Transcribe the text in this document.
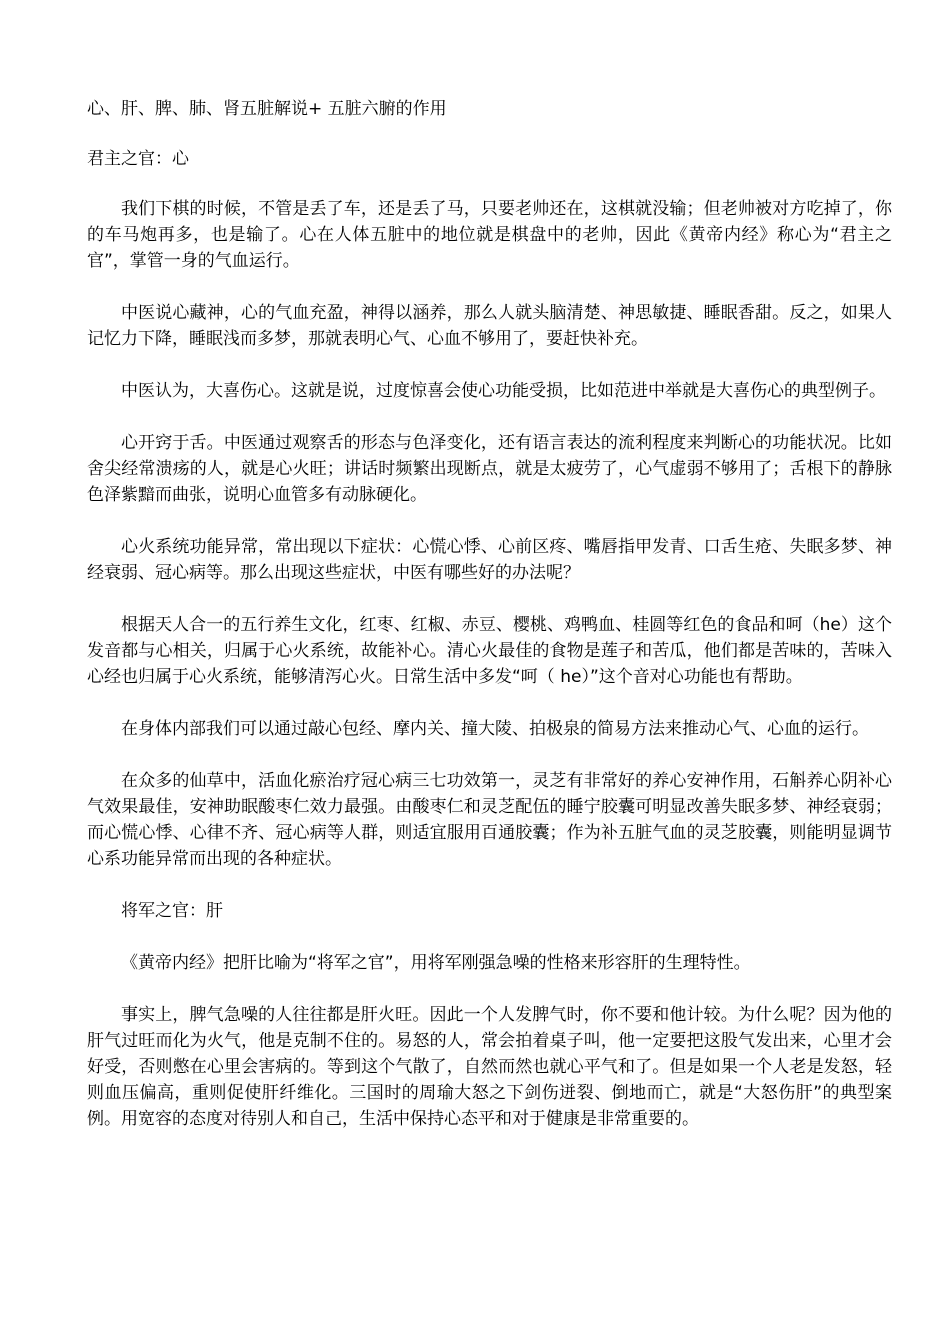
心、肝、脾、肺、肾五脏解说+ 五脏六腑的作用
君主之官：心

我们下棋的时候，不管是丢了车，还是丢了马，只要老帅还在，这棋就没输；但老帅被对方吃掉了，你的车马炮再多，也是输了。心在人体五脏中的地位就是棋盘中的老帅，因此《黄帝内经》称心为“君主之官”，掌管一身的气血运行。

中医说心藏神，心的气血充盈，神得以涵养，那么人就头脑清楚、神思敏捷、睡眠香甜。反之，如果人记忆力下降，睡眠浅而多梦，那就表明心气、心血不够用了，要赶快补充。

中医认为，大喜伤心。这就是说，过度惊喜会使心功能受损，比如范进中举就是大喜伤心的典型例子。

心开窍于舌。中医通过观察舌的形态与色泽变化，还有语言表达的流利程度来判断心的功能状况。比如舍尖经常溃疡的人，就是心火旺；讲话时频繁出现断点，就是太疲劳了，心气虚弱不够用了；舌根下的静脉色泽紫黯而曲张，说明心血管多有动脉硬化。

心火系统功能异常，常出现以下症状：心慌心悸、心前区疼、嘴唇指甲发青、口舌生疮、失眠多梦、神经衰弱、冠心病等。那么出现这些症状，中医有哪些好的办法呢？

根据天人合一的五行养生文化，红枣、红椒、赤豆、樱桃、鸡鸭血、桂圆等红色的食品和呵（he）这个发音都与心相关，归属于心火系统，故能补心。清心火最佳的食物是莲子和苦瓜，他们都是苦味的，苦味入心经也归属于心火系统，能够清泻心火。日常生活中多发“呵（ he）”这个音对心功能也有帮助。

在身体内部我们可以通过敲心包经、摩内关、撞大陵、拍极泉的简易方法来推动心气、心血的运行。

在众多的仙草中，活血化瘀治疗冠心病三七功效第一，灵芝有非常好的养心安神作用，石斛养心阴补心气效果最佳，安神助眠酸枣仁效力最强。由酸枣仁和灵芝配伍的睡宁胶囊可明显改善失眠多梦、神经衰弱；而心慌心悸、心律不齐、冠心病等人群，则适宜服用百通胶囊；作为补五脏气血的灵芝胶囊，则能明显调节心系功能异常而出现的各种症状。

将军之官：肝

《黄帝内经》把肝比喻为“将军之官”，用将军刚强急噪的性格来形容肝的生理特性。

事实上，脾气急噪的人往往都是肝火旺。因此一个人发脾气时，你不要和他计较。为什么呢？因为他的肝气过旺而化为火气，他是克制不住的。易怒的人，常会拍着桌子叫，他一定要把这股气发出来，心里才会好受，否则憋在心里会害病的。等到这个气散了，自然而然也就心平气和了。但是如果一个人老是发怒，轻则血压偏高，重则促使肝纤维化。三国时的周瑜大怒之下剑伤迸裂、倒地而亡，就是“大怒伤肝”的典型案例。用宽容的态度对待别人和自己，生活中保持心态平和对于健康是非常重要的。
